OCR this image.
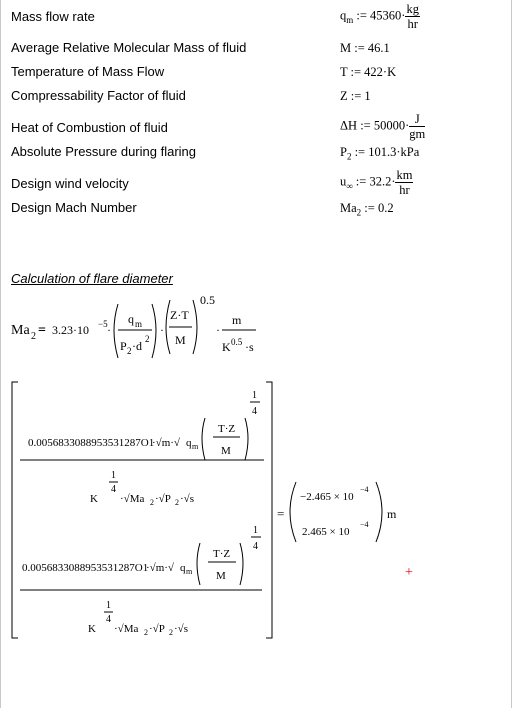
Mass flow rate
Average Relative Molecular Mass of fluid
Temperature of Mass Flow
Compressability Factor of fluid
Heat of Combustion of fluid
Absolute Pressure during flaring
Design wind velocity
Design Mach Number
$q_m$ := $45360\cdot \frac{kg}{hr}$
M := 46.1
T := 422·K
Z := 1
ΔH := $50000\cdot \frac{J}{gm}$
$P_2$ := 101.3·kPa
$u_\infty$ := $32.2\cdot \frac{km}{hr}$
$Ma_2$ := 0.2
Calculation of flare diameter
Ma 2 = 3.23·10 −5 ·
q m
P 2 ·d 2
·
Z·T
M
0.5
·
m
K 0.5 ·s
0.0056833088953531287O1
·√m·√ q m
T·Z
M
1
4
1
4
K ·√Ma 2 ·√P 2 ·√s
0.0056833088953531287O1
·√m·√ q m
T·Z
M
1
4
1
4
K ·√Ma 2 ·√P 2 ·√s
=
−2.465 × 10
−4
2.465 × 10
−4
m
+
